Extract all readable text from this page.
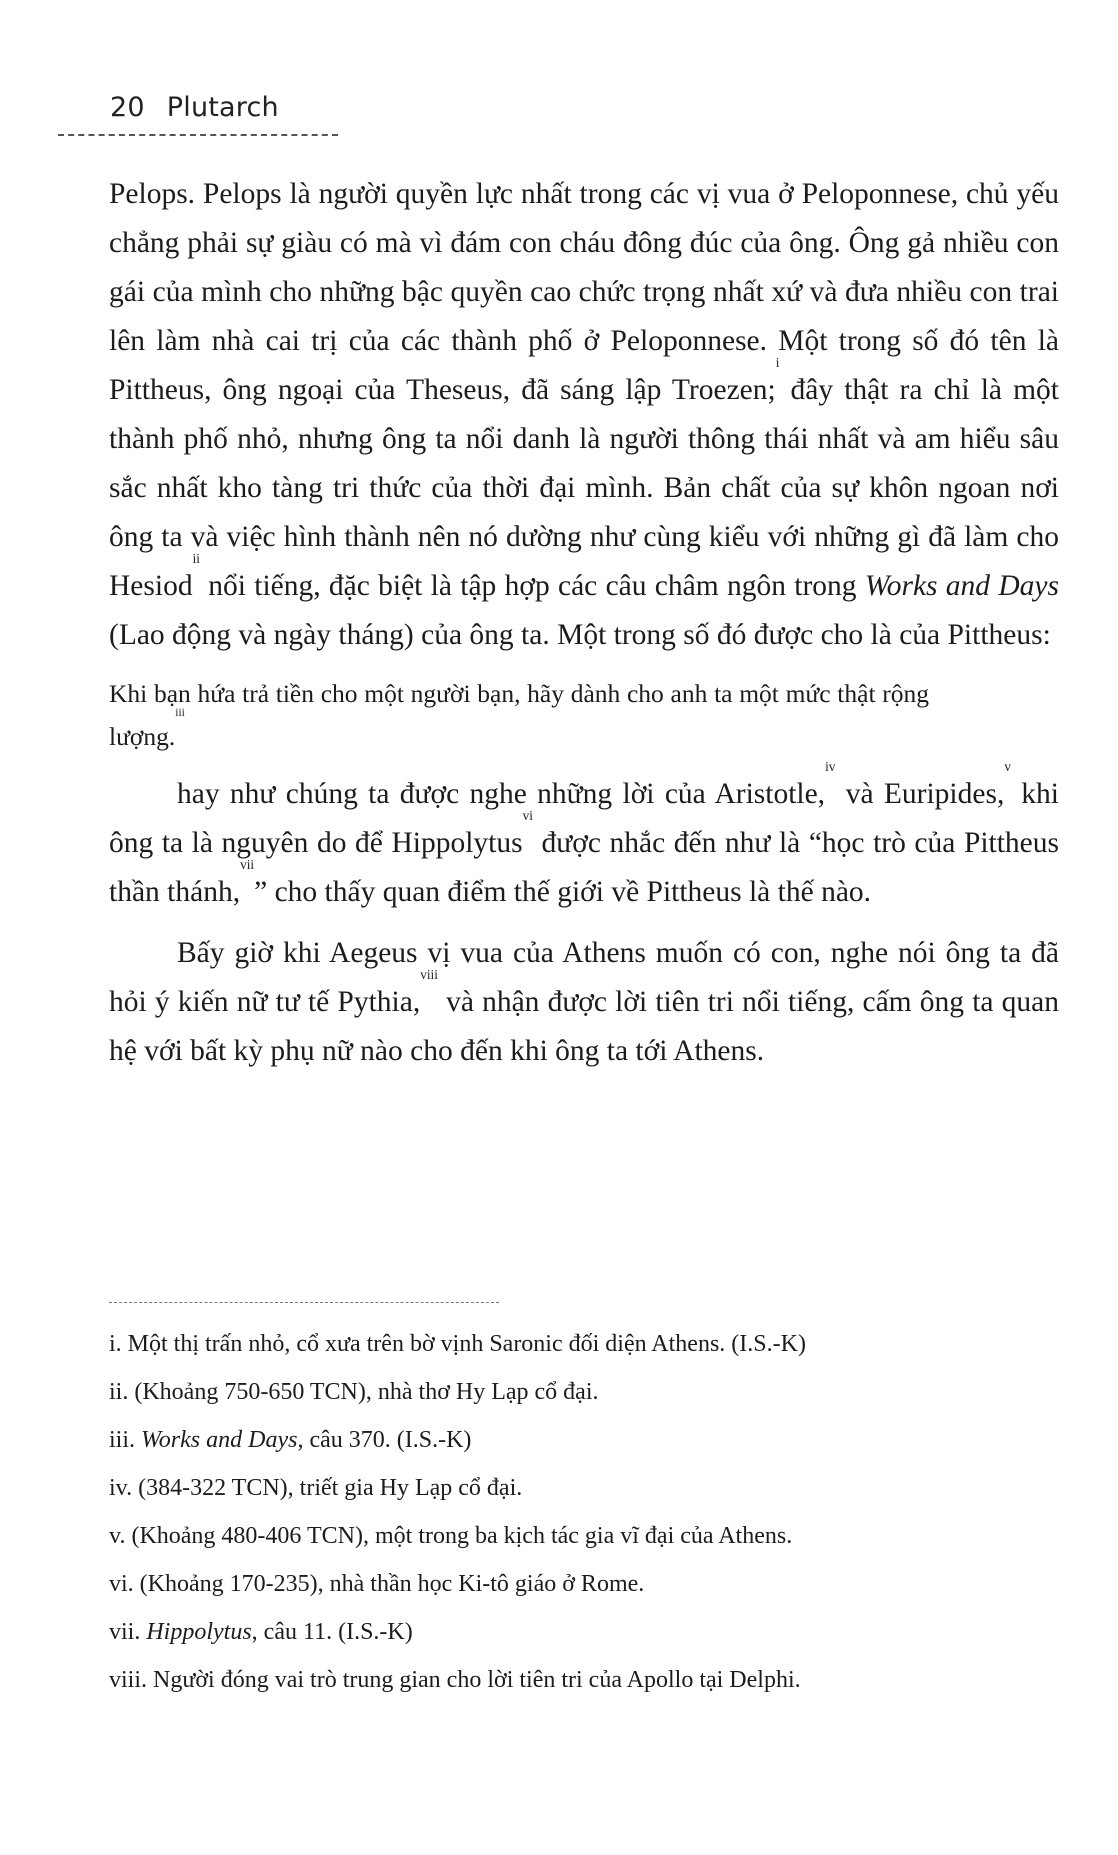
20 Plutarch

Pelops. Pelops là người quyền lực nhất trong các vị vua ở Peloponnese, chủ yếu chẳng phải sự giàu có mà vì đám con cháu đông đúc của ông. Ông gả nhiều con gái của mình cho những bậc quyền cao chức trọng nhất xứ và đưa nhiều con trai lên làm nhà cai trị của các thành phố ở Peloponnese. Một trong số đó tên là Pittheus, ông ngoại của Theseus, đã sáng lập Troezen;$^i$ đây thật ra chỉ là một thành phố nhỏ, nhưng ông ta nổi danh là người thông thái nhất và am hiểu sâu sắc nhất kho tàng tri thức của thời đại mình. Bản chất của sự khôn ngoan nơi ông ta và việc hình thành nên nó dường như cùng kiểu với những gì đã làm cho Hesiod$^{ii}$ nổi tiếng, đặc biệt là tập hợp các câu châm ngôn trong Works and Days (Lao động và ngày tháng) của ông ta. Một trong số đó được cho là của Pittheus:

Khi bạn hứa trả tiền cho một người bạn, hãy dành cho anh ta một mức thật rộng lượng.$^{iii}$

hay như chúng ta được nghe những lời của Aristotle,$^{iv}$ và Euripides,$^v$ khi ông ta là nguyên do để Hippolytus$^{vi}$ được nhắc đến như là “học trò của Pittheus thần thánh,$^{vii}$” cho thấy quan điểm thế giới về Pittheus là thế nào.

Bấy giờ khi Aegeus vị vua của Athens muốn có con, nghe nói ông ta đã hỏi ý kiến nữ tư tế Pythia,$^{viii}$ và nhận được lời tiên tri nổi tiếng, cấm ông ta quan hệ với bất kỳ phụ nữ nào cho đến khi ông ta tới Athens.

i. Một thị trấn nhỏ, cổ xưa trên bờ vịnh Saronic đối diện Athens. (I.S.-K)
ii. (Khoảng 750-650 TCN), nhà thơ Hy Lạp cổ đại.
iii. Works and Days, câu 370. (I.S.-K)
iv. (384-322 TCN), triết gia Hy Lạp cổ đại.
v. (Khoảng 480-406 TCN), một trong ba kịch tác gia vĩ đại của Athens.
vi. (Khoảng 170-235), nhà thần học Ki-tô giáo ở Rome.
vii. Hippolytus, câu 11. (I.S.-K)
viii. Người đóng vai trò trung gian cho lời tiên tri của Apollo tại Delphi.
